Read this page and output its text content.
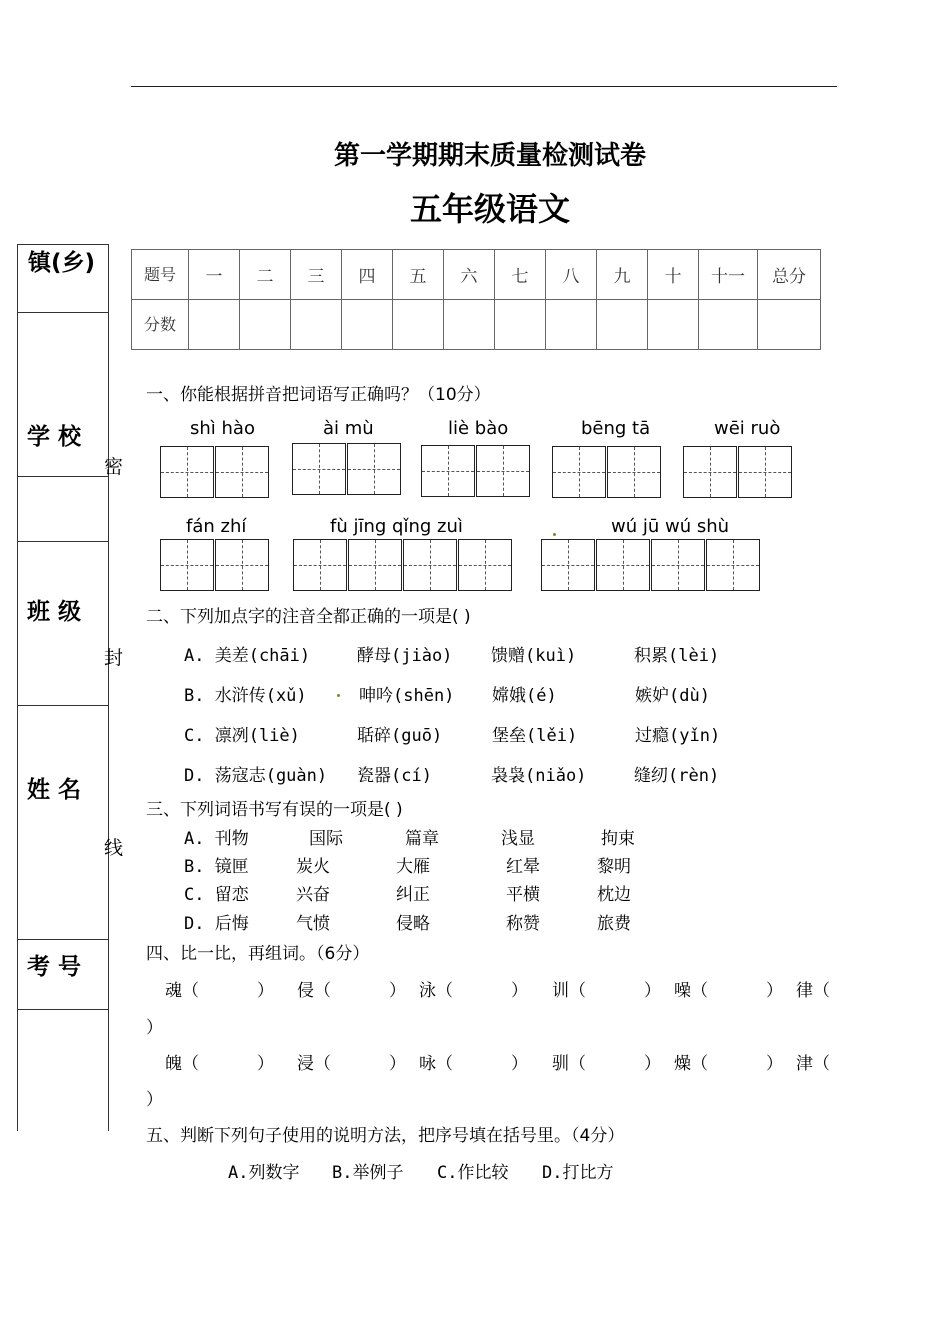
第一学期期末质量检测试卷
五年级语文
镇(乡)
学 校
班 级
姓 名
考 号
密
封
线
题号	一	二	三	四	五	六	七	八	九	十	十一	总分
分数												
一、你能根据拼音把词语写正确吗？（10分）
shì hào	ài mù	liè bào	bēng tā	wēi ruò
fán zhí	fù jīng qǐng zuì	wú jū wú shù
二、下列加点字的注音全都正确的一项是( )
A. 美差(chāi)	酵母(jiào) 馈赠(kuì)	积累(lèi)
B. 水浒传(xǔ)	呻吟(shēn) 嫦娥(é)	嫉妒(dù)
C. 凛冽(liè)	聒碎(guō)	堡垒(lěi)	过瘾(yǐn)
D. 荡寇志(guàn) 瓷器(cí)	袅袅(niǎo)	缝纫(rèn)
三、下列词语书写有误的一项是( )
A. 刊物	国际	篇章	浅显	拘束
B. 镜匣	炭火	大雁	红晕	黎明
C. 留恋	兴奋	纠正	平横	枕边
D. 后悔	气愤	侵略	称赞	旅费
四、比一比，再组词。（6分）
魂（	） 侵（	） 泳（	） 训（	） 噪（	） 律（
）
魄（	） 浸（	） 咏（	） 驯（	） 燥（	） 津（
）
五、判断下列句子使用的说明方法，把序号填在括号里。（4分）
A.列数字 B.举例子 C.作比较 D.打比方
